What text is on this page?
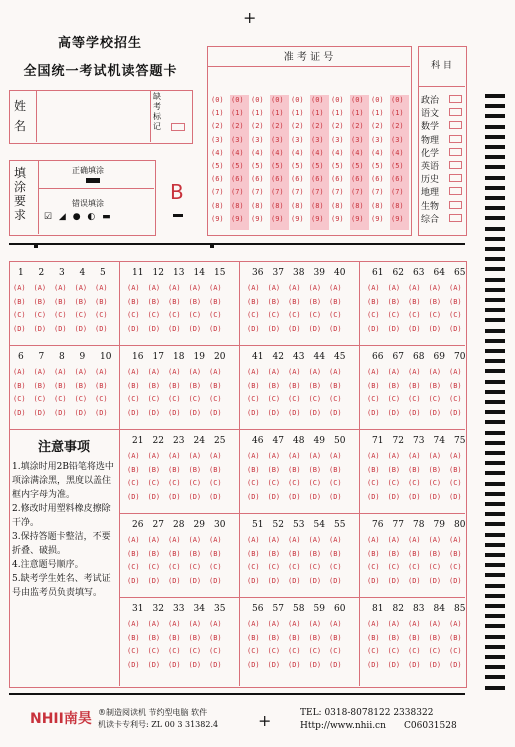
+
高等学校招生
全国统一考试机读答题卡
姓 名
缺考标记
填涂要求
正确填涂
错误填涂
☑ ◢ ● ◐ ▬
B
准 考 证 号
(0)
(1)
(2)
(3)
(4)
(5)
(6)
(7)
(8)
(9)
(0)
(1)
(2)
(3)
(4)
(5)
(6)
(7)
(8)
(9)
(0)
(1)
(2)
(3)
(4)
(5)
(6)
(7)
(8)
(9)
(0)
(1)
(2)
(3)
(4)
(5)
(6)
(7)
(8)
(9)
(0)
(1)
(2)
(3)
(4)
(5)
(6)
(7)
(8)
(9)
(0)
(1)
(2)
(3)
(4)
(5)
(6)
(7)
(8)
(9)
(0)
(1)
(2)
(3)
(4)
(5)
(6)
(7)
(8)
(9)
(0)
(1)
(2)
(3)
(4)
(5)
(6)
(7)
(8)
(9)
(0)
(1)
(2)
(3)
(4)
(5)
(6)
(7)
(8)
(9)
(0)
(1)
(2)
(3)
(4)
(5)
(6)
(7)
(8)
(9)
科 目
政治
语文
数学
物理
化学
英语
历史
地理
生物
综合
1
(A)
(B)
(C)
(D)
2
(A)
(B)
(C)
(D)
3
(A)
(B)
(C)
(D)
4
(A)
(B)
(C)
(D)
5
(A)
(B)
(C)
(D)
11
(A)
(B)
(C)
(D)
12
(A)
(B)
(C)
(D)
13
(A)
(B)
(C)
(D)
14
(A)
(B)
(C)
(D)
15
(A)
(B)
(C)
(D)
36
(A)
(B)
(C)
(D)
37
(A)
(B)
(C)
(D)
38
(A)
(B)
(C)
(D)
39
(A)
(B)
(C)
(D)
40
(A)
(B)
(C)
(D)
61
(A)
(B)
(C)
(D)
62
(A)
(B)
(C)
(D)
63
(A)
(B)
(C)
(D)
64
(A)
(B)
(C)
(D)
65
(A)
(B)
(C)
(D)
6
(A)
(B)
(C)
(D)
7
(A)
(B)
(C)
(D)
8
(A)
(B)
(C)
(D)
9
(A)
(B)
(C)
(D)
10
(A)
(B)
(C)
(D)
16
(A)
(B)
(C)
(D)
17
(A)
(B)
(C)
(D)
18
(A)
(B)
(C)
(D)
19
(A)
(B)
(C)
(D)
20
(A)
(B)
(C)
(D)
41
(A)
(B)
(C)
(D)
42
(A)
(B)
(C)
(D)
43
(A)
(B)
(C)
(D)
44
(A)
(B)
(C)
(D)
45
(A)
(B)
(C)
(D)
66
(A)
(B)
(C)
(D)
67
(A)
(B)
(C)
(D)
68
(A)
(B)
(C)
(D)
69
(A)
(B)
(C)
(D)
70
(A)
(B)
(C)
(D)
21
(A)
(B)
(C)
(D)
22
(A)
(B)
(C)
(D)
23
(A)
(B)
(C)
(D)
24
(A)
(B)
(C)
(D)
25
(A)
(B)
(C)
(D)
46
(A)
(B)
(C)
(D)
47
(A)
(B)
(C)
(D)
48
(A)
(B)
(C)
(D)
49
(A)
(B)
(C)
(D)
50
(A)
(B)
(C)
(D)
71
(A)
(B)
(C)
(D)
72
(A)
(B)
(C)
(D)
73
(A)
(B)
(C)
(D)
74
(A)
(B)
(C)
(D)
75
(A)
(B)
(C)
(D)
26
(A)
(B)
(C)
(D)
27
(A)
(B)
(C)
(D)
28
(A)
(B)
(C)
(D)
29
(A)
(B)
(C)
(D)
30
(A)
(B)
(C)
(D)
51
(A)
(B)
(C)
(D)
52
(A)
(B)
(C)
(D)
53
(A)
(B)
(C)
(D)
54
(A)
(B)
(C)
(D)
55
(A)
(B)
(C)
(D)
76
(A)
(B)
(C)
(D)
77
(A)
(B)
(C)
(D)
78
(A)
(B)
(C)
(D)
79
(A)
(B)
(C)
(D)
80
(A)
(B)
(C)
(D)
31
(A)
(B)
(C)
(D)
32
(A)
(B)
(C)
(D)
33
(A)
(B)
(C)
(D)
34
(A)
(B)
(C)
(D)
35
(A)
(B)
(C)
(D)
56
(A)
(B)
(C)
(D)
57
(A)
(B)
(C)
(D)
58
(A)
(B)
(C)
(D)
59
(A)
(B)
(C)
(D)
60
(A)
(B)
(C)
(D)
81
(A)
(B)
(C)
(D)
82
(A)
(B)
(C)
(D)
83
(A)
(B)
(C)
(D)
84
(A)
(B)
(C)
(D)
85
(A)
(B)
(C)
(D)
注意事项
1.填涂时用2B铅笔将选中项涂满涂黑，黑度以盖住框内字母为准。
2.修改时用塑料橡皮擦除干净。
3.保持答题卡整洁，不要折叠、破损。
4.注意题号顺序。
5.缺考学生姓名、考试证号由监考员负责填写。
NHII南昊 ®制造阅读机 节约型电脑 软件
机读卡专利号: ZL 00 3 31382.4 +	TEL: 0318-8078122 2338322
Http://www.nhii.cn C06031528
